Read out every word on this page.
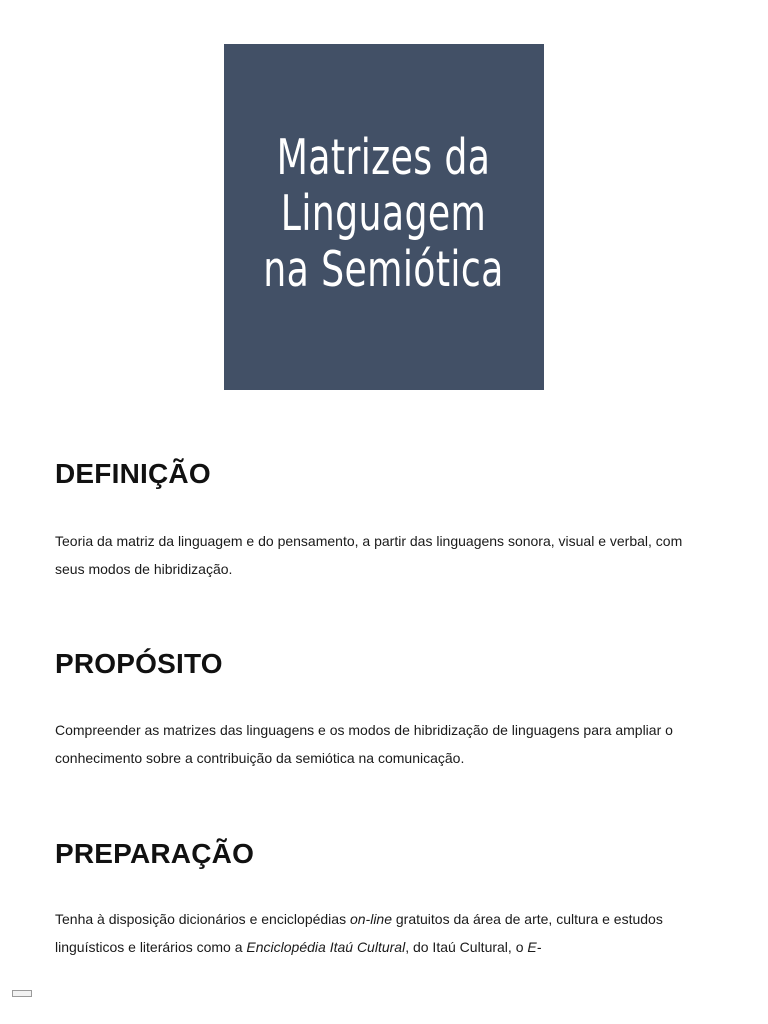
Matrizes da
Linguagem
na Semiótica
DEFINIÇÃO

Teoria da matriz da linguagem e do pensamento, a partir das linguagens sonora, visual e verbal, com seus modos de hibridização.

PROPÓSITO

Compreender as matrizes das linguagens e os modos de hibridização de linguagens para ampliar o conhecimento sobre a contribuição da semiótica na comunicação.

PREPARAÇÃO

Tenha à disposição dicionários e enciclopédias on-line gratuitos da área de arte, cultura e estudos linguísticos e literários como a Enciclopédia Itaú Cultural, do Itaú Cultural, o E-
